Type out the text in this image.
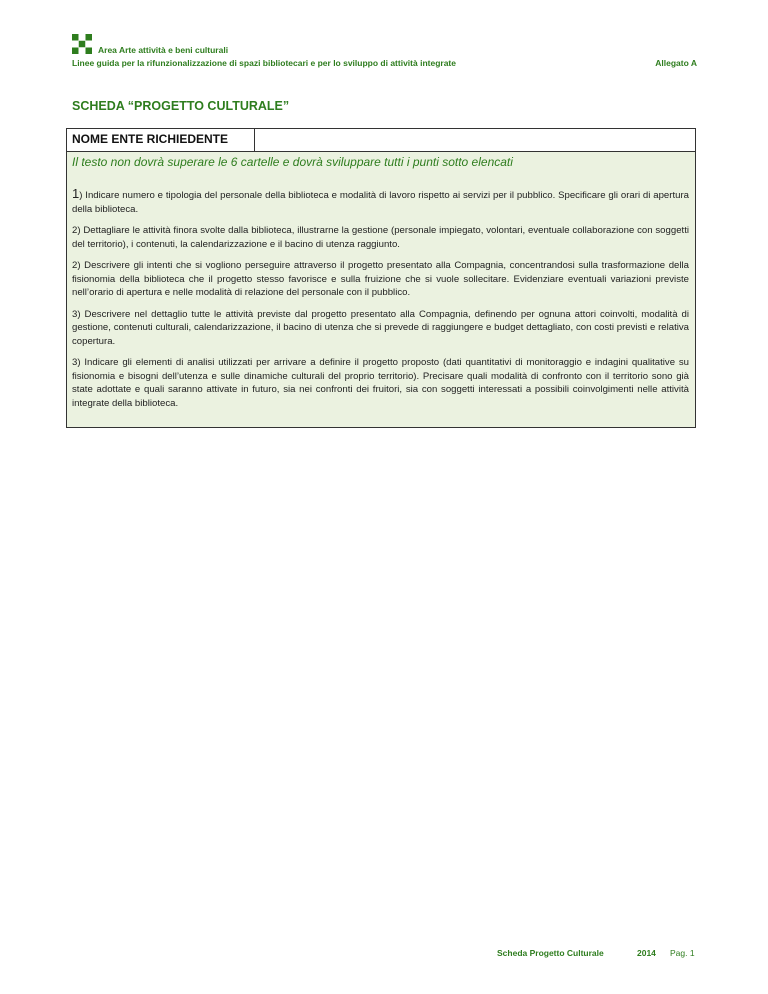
Area Arte attività e beni culturali
Linee guida per la rifunzionalizzazione di spazi bibliotecari e per lo sviluppo di attività integrate	Allegato A
SCHEDA “PROGETTO CULTURALE”
NOME ENTE RICHIEDENTE
Il testo non dovrà superare le 6 cartelle e dovrà sviluppare tutti i punti sotto elencati

1) Indicare numero e tipologia del personale della biblioteca e modalità di lavoro rispetto ai servizi per il pubblico. Specificare gli orari di apertura della biblioteca.

2) Dettagliare le attività finora svolte dalla biblioteca, illustrarne la gestione (personale impiegato, volontari, eventuale collaborazione con soggetti del territorio), i contenuti, la calendarizzazione e il bacino di utenza raggiunto.

2) Descrivere gli intenti che si vogliono perseguire attraverso il progetto presentato alla Compagnia, concentrandosi sulla trasformazione della fisionomia della biblioteca che il progetto stesso favorisce e sulla fruizione che si vuole sollecitare. Evidenziare eventuali variazioni previste nell’orario di apertura e nelle modalità di relazione del personale con il pubblico.

3) Descrivere nel dettaglio tutte le attività previste dal progetto presentato alla Compagnia, definendo per ognuna attori coinvolti, modalità di gestione, contenuti culturali, calendarizzazione, il bacino di utenza che si prevede di raggiungere e budget dettagliato, con costi previsti e relativa copertura.

3) Indicare gli elementi di analisi utilizzati per arrivare a definire il progetto proposto (dati quantitativi di monitoraggio e indagini qualitative su fisionomia e bisogni dell’utenza e sulle dinamiche culturali del proprio territorio). Precisare quali modalità di confronto con il territorio sono già state adottate e quali saranno attivate in futuro, sia nei confronti dei fruitori, sia con soggetti interessati a possibili coinvolgimenti nelle attività integrate della biblioteca.

Scheda Progetto Culturale	2014 Pag. 1
